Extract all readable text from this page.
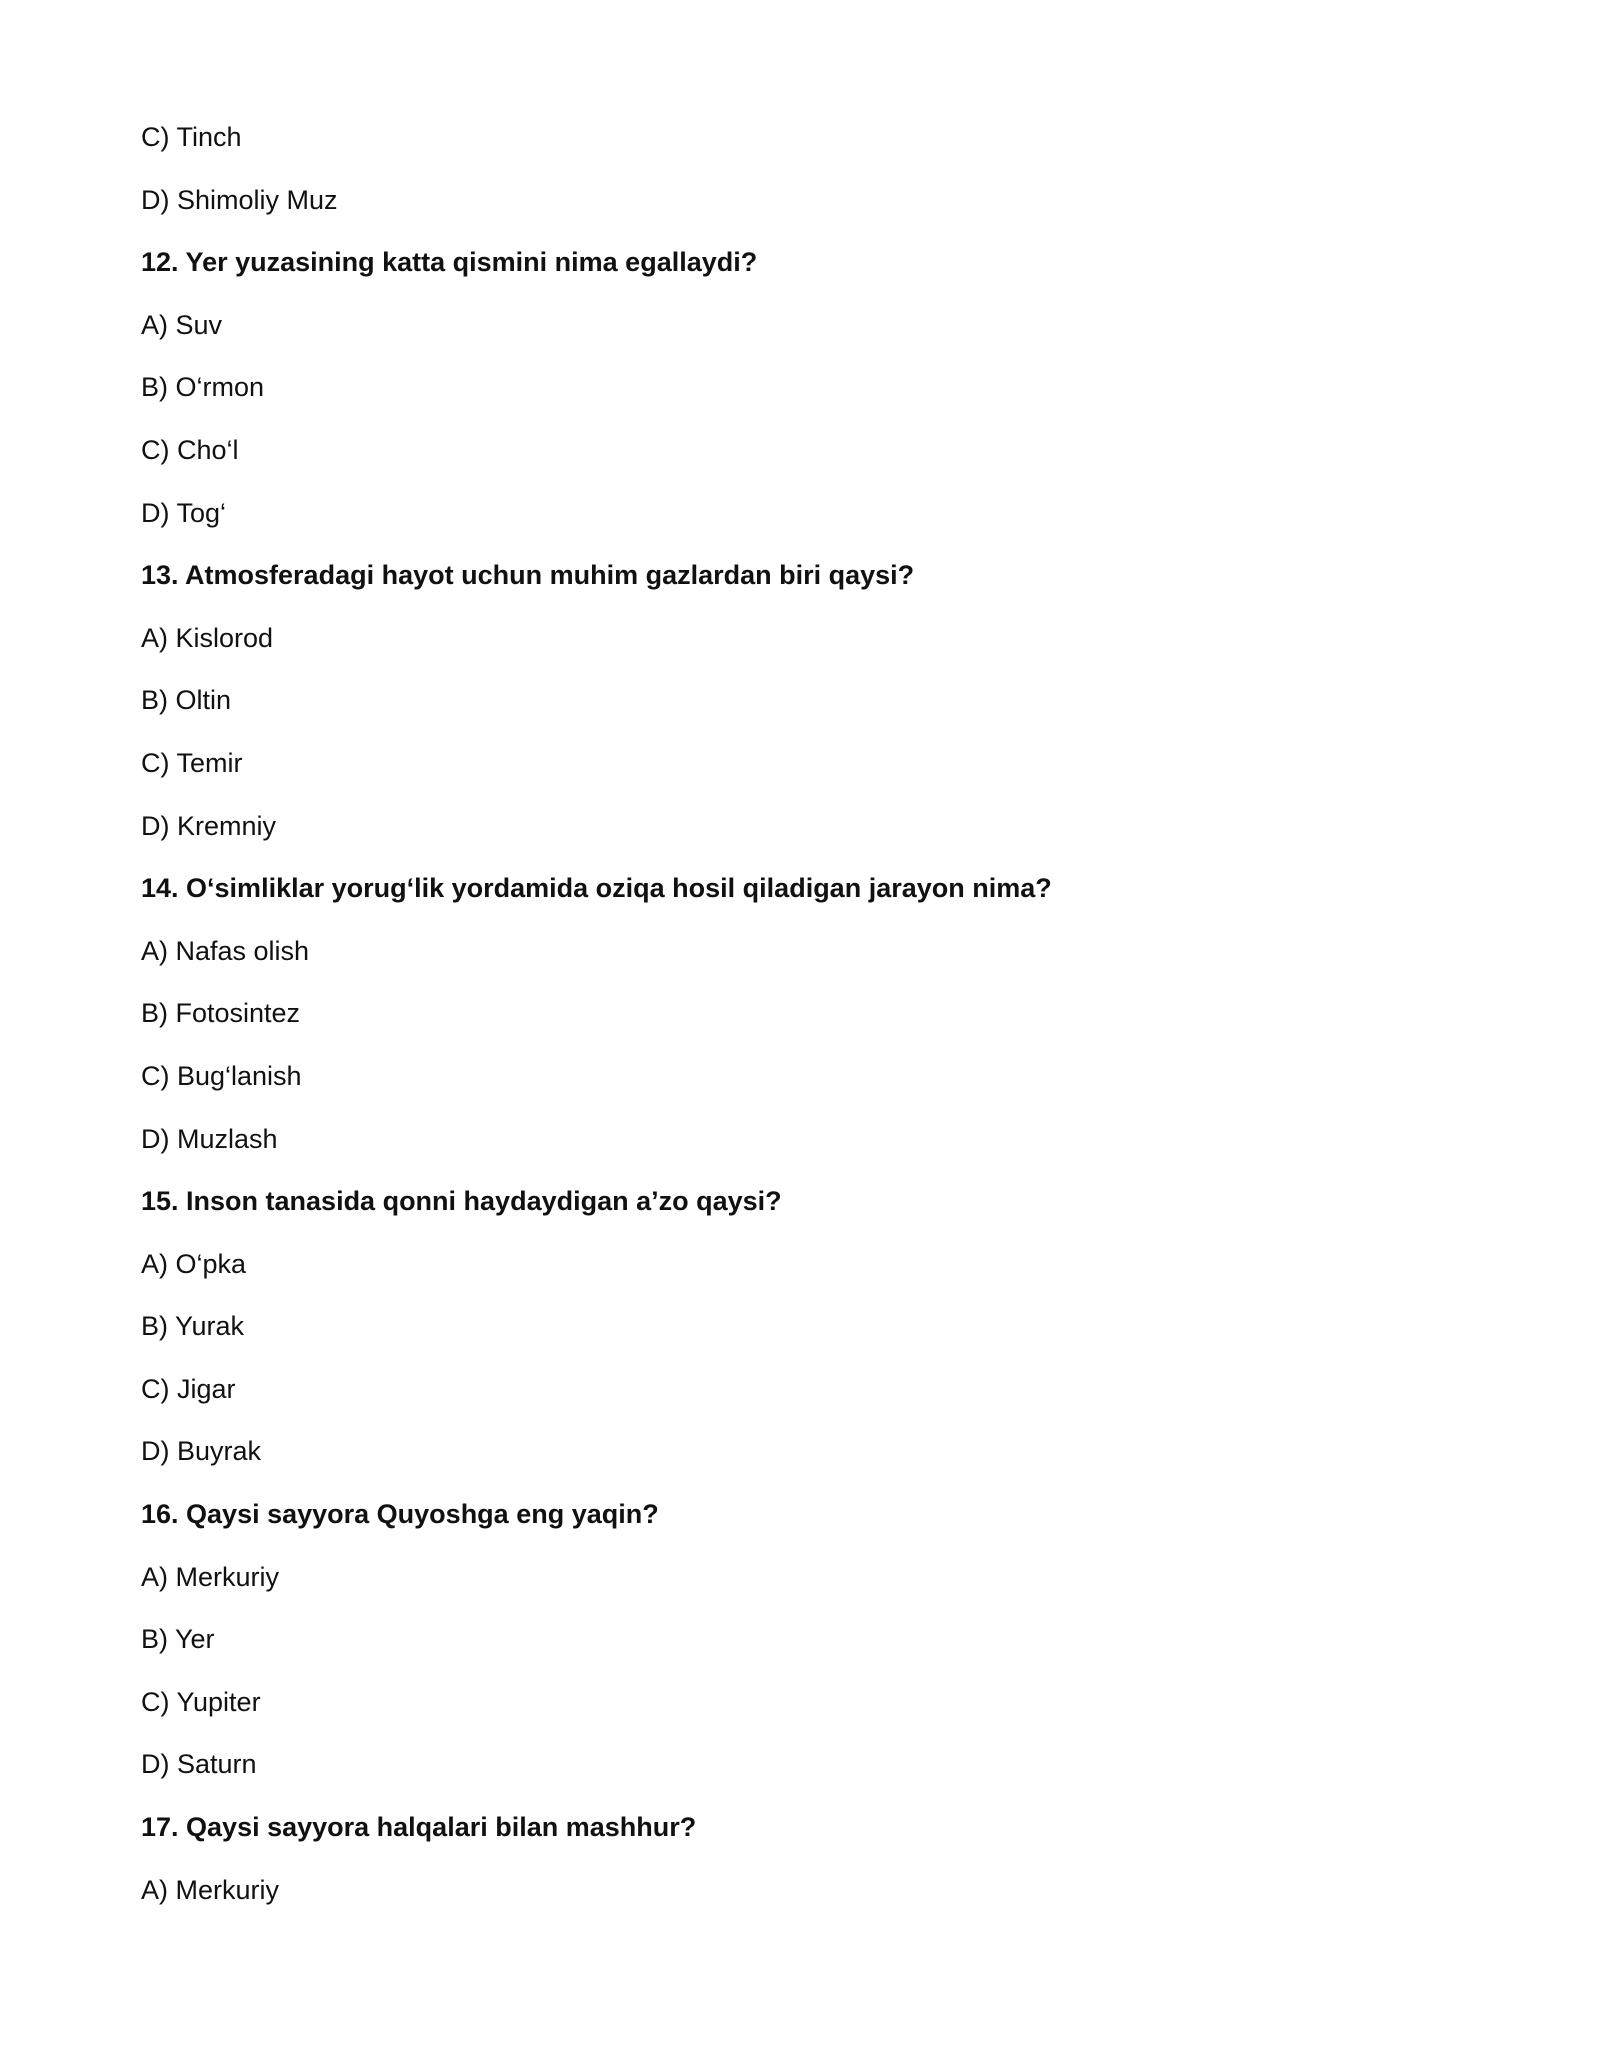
C) Tinch
D) Shimoliy Muz
12. Yer yuzasining katta qismini nima egallaydi?
A) Suv
B) O‘rmon
C) Cho‘l
D) Tog‘
13. Atmosferadagi hayot uchun muhim gazlardan biri qaysi?
A) Kislorod
B) Oltin
C) Temir
D) Kremniy
14. O‘simliklar yorug‘lik yordamida oziqa hosil qiladigan jarayon nima?
A) Nafas olish
B) Fotosintez
C) Bug‘lanish
D) Muzlash
15. Inson tanasida qonni haydaydigan a’zo qaysi?
A) O‘pka
B) Yurak
C) Jigar
D) Buyrak
16. Qaysi sayyora Quyoshga eng yaqin?
A) Merkuriy
B) Yer
C) Yupiter
D) Saturn
17. Qaysi sayyora halqalari bilan mashhur?
A) Merkuriy
